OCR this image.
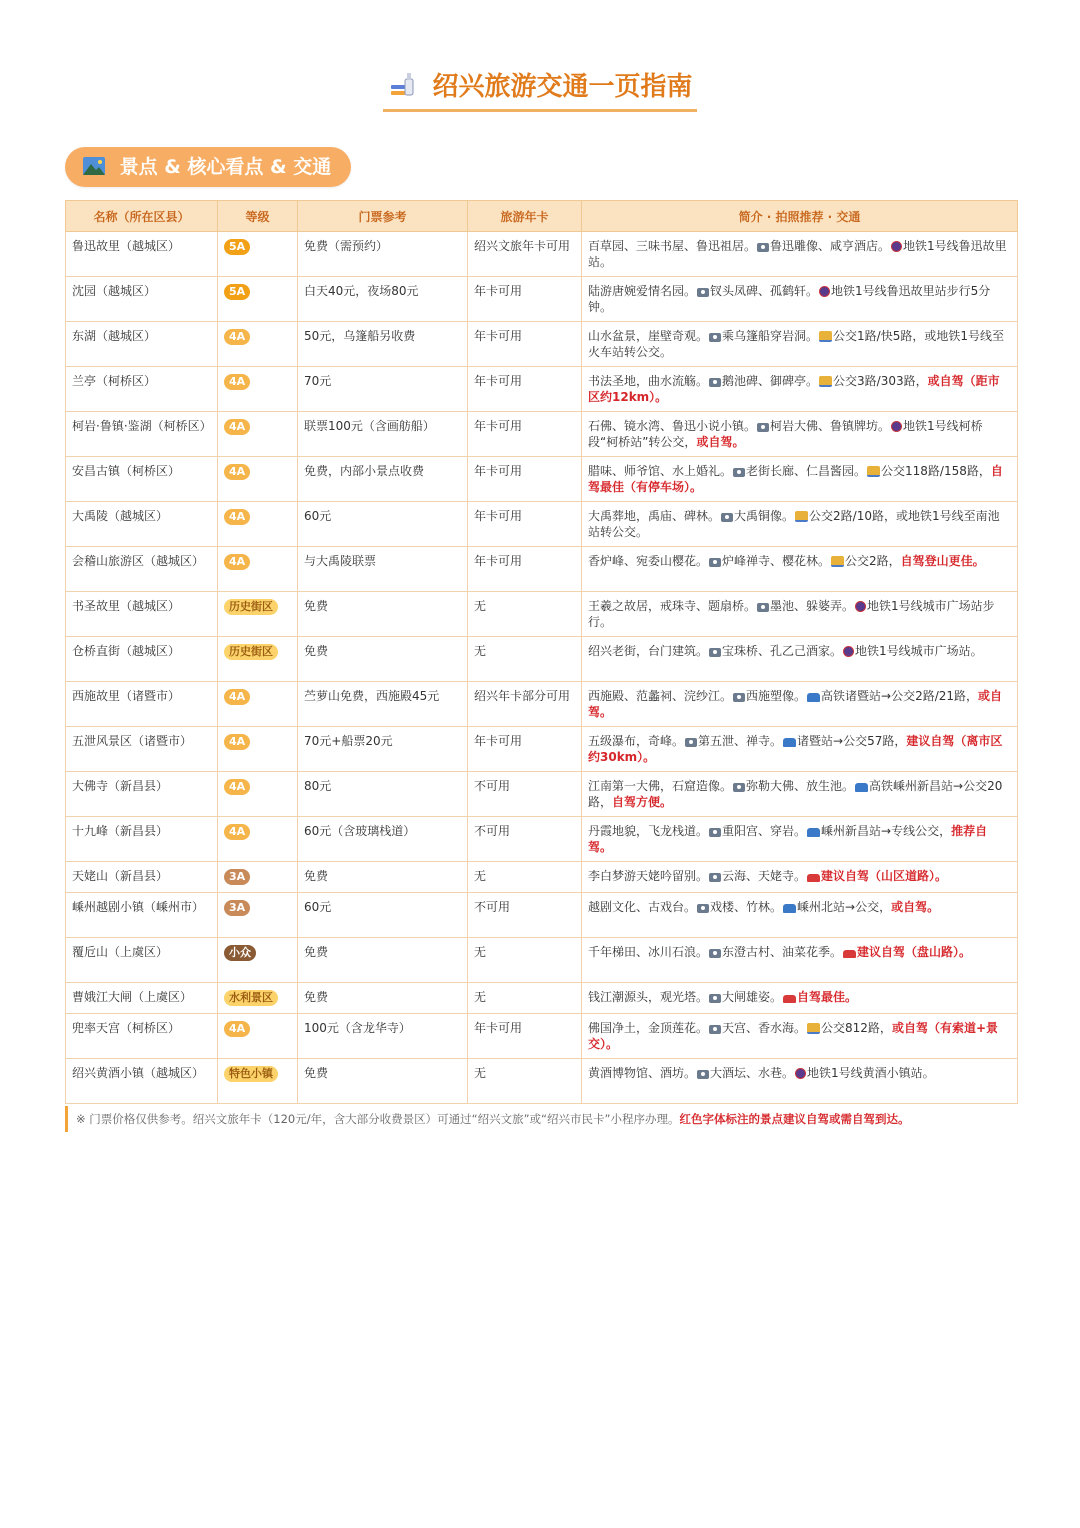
绍兴旅游交通一页指南
景点 & 核心看点 & 交通
名称（所在区县）	等级	门票参考	旅游年卡	简介 · 拍照推荐 · 交通
鲁迅故里（越城区）	5A	免费（需预约）	绍兴文旅年卡可用	百草园、三味书屋、鲁迅祖居。 鲁迅雕像、咸亨酒店。 地铁1号线鲁迅故里站。
沈园（越城区）	5A	白天40元，夜场80元	年卡可用	陆游唐婉爱情名园。 钗头凤碑、孤鹤轩。 地铁1号线鲁迅故里站步行5分钟。
东湖（越城区）	4A	50元，乌篷船另收费	年卡可用	山水盆景，崖壁奇观。 乘乌篷船穿岩洞。 公交1路/快5路，或地铁1号线至火车站转公交。
兰亭（柯桥区）	4A	70元	年卡可用	书法圣地，曲水流觞。 鹅池碑、御碑亭。 公交3路/303路，或自驾（距市区约12km）。
柯岩·鲁镇·鉴湖（柯桥区）	4A	联票100元（含画舫船）	年卡可用	石佛、镜水湾、鲁迅小说小镇。 柯岩大佛、鲁镇牌坊。 地铁1号线柯桥段“柯桥站”转公交，或自驾。
安昌古镇（柯桥区）	4A	免费，内部小景点收费	年卡可用	腊味、师爷馆、水上婚礼。 老街长廊、仁昌酱园。 公交118路/158路，自驾最佳（有停车场）。
大禹陵（越城区）	4A	60元	年卡可用	大禹葬地，禹庙、碑林。 大禹铜像。 公交2路/10路，或地铁1号线至南池站转公交。
会稽山旅游区（越城区）	4A	与大禹陵联票	年卡可用	香炉峰、宛委山樱花。 炉峰禅寺、樱花林。 公交2路，自驾登山更佳。
书圣故里（越城区）	历史街区	免费	无	王羲之故居，戒珠寺、题扇桥。 墨池、躲婆弄。 地铁1号线城市广场站步行。
仓桥直街（越城区）	历史街区	免费	无	绍兴老街，台门建筑。 宝珠桥、孔乙己酒家。 地铁1号线城市广场站。
西施故里（诸暨市）	4A	苎萝山免费，西施殿45元	绍兴年卡部分可用	西施殿、范蠡祠、浣纱江。 西施塑像。 高铁诸暨站→公交2路/21路，或自驾。
五泄风景区（诸暨市）	4A	70元+船票20元	年卡可用	五级瀑布，奇峰。 第五泄、禅寺。 诸暨站→公交57路，建议自驾（离市区约30km）。
大佛寺（新昌县）	4A	80元	不可用	江南第一大佛，石窟造像。 弥勒大佛、放生池。 高铁嵊州新昌站→公交20路，自驾方便。
十九峰（新昌县）	4A	60元（含玻璃栈道）	不可用	丹霞地貌，飞龙栈道。 重阳宫、穿岩。 嵊州新昌站→专线公交，推荐自驾。
天姥山（新昌县）	3A	免费	无	李白梦游天姥吟留别。 云海、天姥寺。 建议自驾（山区道路）。
嵊州越剧小镇（嵊州市）	3A	60元	不可用	越剧文化、古戏台。 戏楼、竹林。 嵊州北站→公交，或自驾。
覆卮山（上虞区）	小众	免费	无	千年梯田、冰川石浪。 东澄古村、油菜花季。 建议自驾（盘山路）。
曹娥江大闸（上虞区）	水利景区	免费	无	钱江潮源头，观光塔。 大闸雄姿。 自驾最佳。
兜率天宫（柯桥区）	4A	100元（含龙华寺）	年卡可用	佛国净土，金顶莲花。 天宫、香水海。 公交812路，或自驾（有索道+景交）。
绍兴黄酒小镇（越城区）	特色小镇	免费	无	黄酒博物馆、酒坊。 大酒坛、水巷。 地铁1号线黄酒小镇站。
※ 门票价格仅供参考。绍兴文旅年卡（120元/年，含大部分收费景区）可通过“绍兴文旅”或“绍兴市民卡”小程序办理。红色字体标注的景点建议自驾或需自驾到达。
